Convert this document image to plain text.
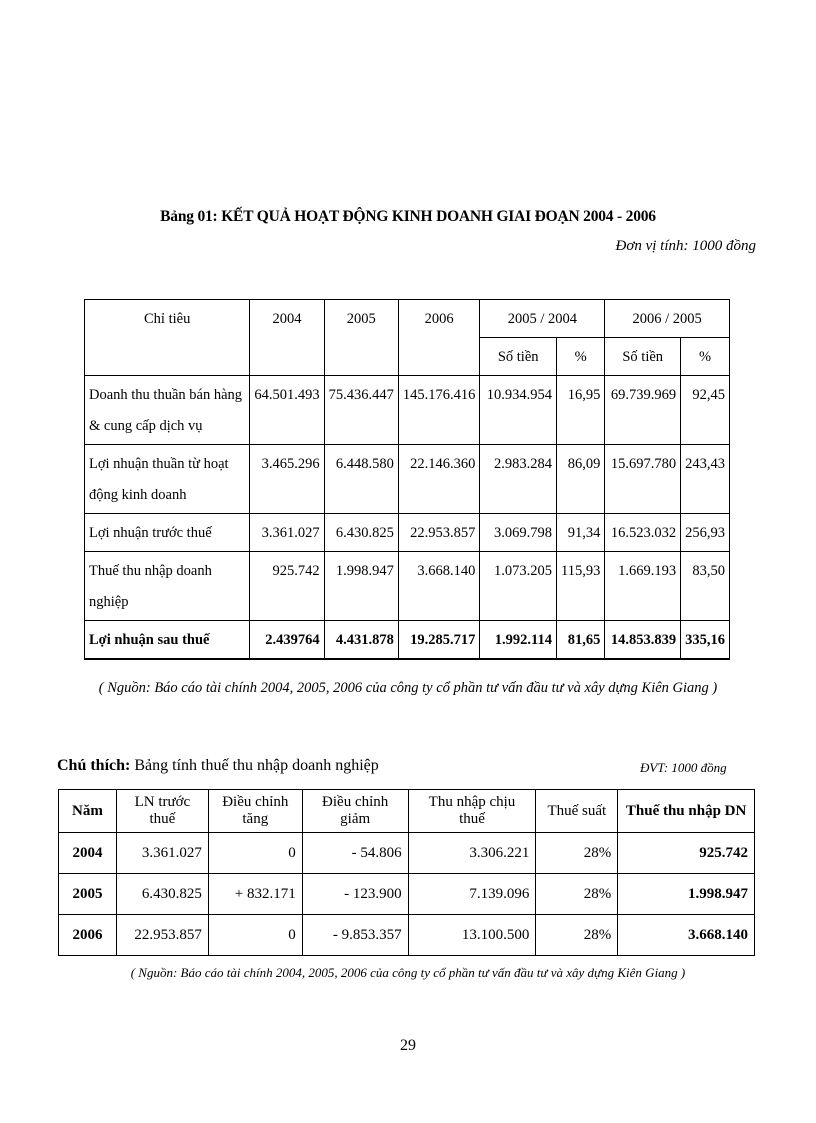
Bảng 01: KẾT QUẢ HOẠT ĐỘNG KINH DOANH GIAI ĐOẠN 2004 - 2006
Đơn vị tính: 1000 đồng
Chỉ tiêu	2004	2005	2006	2005 / 2004		2006 / 2005	
				Số tiền	%	Số tiền	%
Doanh thu thuần bán hàng & cung cấp dịch vụ	64.501.493	75.436.447	145.176.416	10.934.954	16,95	69.739.969	92,45
Lợi nhuận thuần từ hoạt động kinh doanh	3.465.296	6.448.580	22.146.360	2.983.284	86,09	15.697.780	243,43
Lợi nhuận trước thuế	3.361.027	6.430.825	22.953.857	3.069.798	91,34	16.523.032	256,93
Thuế thu nhập doanh nghiệp	925.742	1.998.947	3.668.140	1.073.205	115,93	1.669.193	83,50
Lợi nhuận sau thuế	2.439764	4.431.878	19.285.717	1.992.114	81,65	14.853.839	335,16
( Nguồn: Báo cáo tài chính 2004, 2005, 2006 của công ty cổ phần tư vấn đầu tư và xây dựng Kiên Giang )
Chú thích: Bảng tính thuế thu nhập doanh nghiệp	ĐVT: 1000 đồng
Năm	LN trước thuế	Điều chỉnh tăng	Điều chỉnh giảm	Thu nhập chịu thuế	Thuế suất	Thuế thu nhập DN
2004	3.361.027	0	- 54.806	3.306.221	28%	925.742
2005	6.430.825	+ 832.171	- 123.900	7.139.096	28%	1.998.947
2006	22.953.857	0	- 9.853.357	13.100.500	28%	3.668.140
( Nguồn: Báo cáo tài chính 2004, 2005, 2006 của công ty cổ phần tư vấn đầu tư và xây dựng Kiên Giang )
29
